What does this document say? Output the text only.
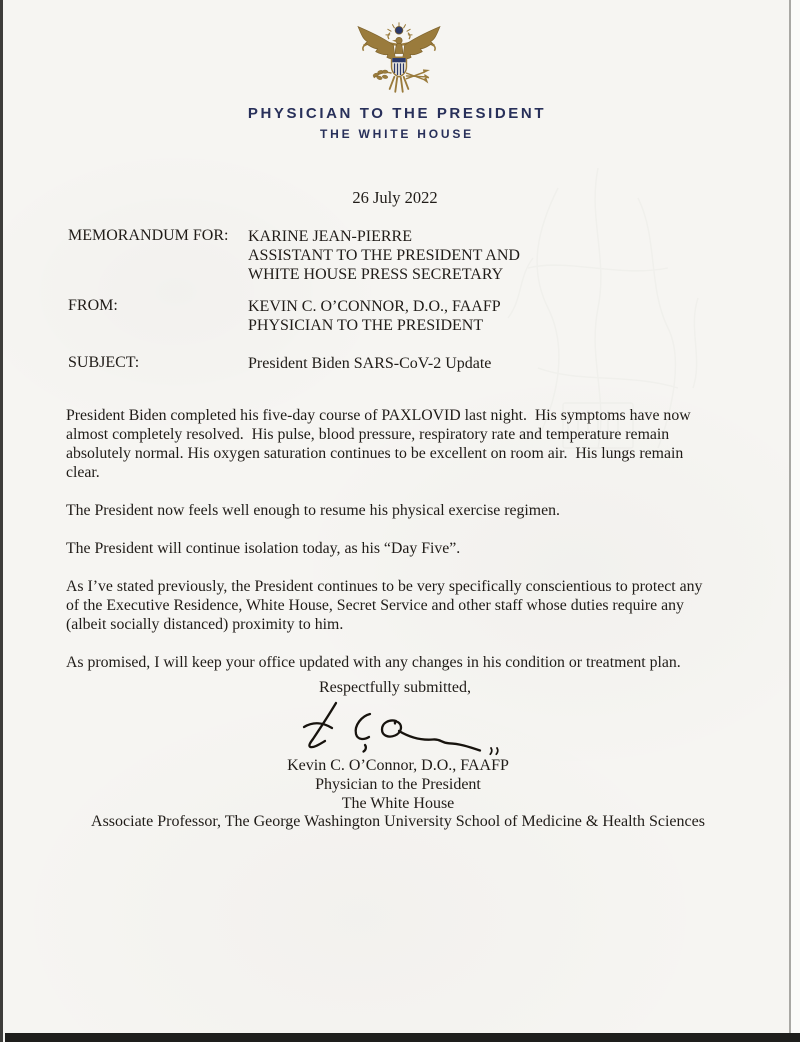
PHYSICIAN TO THE PRESIDENT
THE WHITE HOUSE
26 July 2022
MEMORANDUM FOR:	KARINE JEAN-PIERRE
ASSISTANT TO THE PRESIDENT AND
WHITE HOUSE PRESS SECRETARY
FROM:	KEVIN C. O’CONNOR, D.O., FAAFP
PHYSICIAN TO THE PRESIDENT
SUBJECT:	President Biden SARS-CoV-2 Update

President Biden completed his five-day course of PAXLOVID last night.  His symptoms have now
almost completely resolved.  His pulse, blood pressure, respiratory rate and temperature remain
absolutely normal. His oxygen saturation continues to be excellent on room air.  His lungs remain
clear.

The President now feels well enough to resume his physical exercise regimen.

The President will continue isolation today, as his “Day Five”.

As I’ve stated previously, the President continues to be very specifically conscientious to protect any
of the Executive Residence, White House, Secret Service and other staff whose duties require any
(albeit socially distanced) proximity to him.

As promised, I will keep your office updated with any changes in his condition or treatment plan.

Respectfully submitted,
Kevin C. O’Connor, D.O., FAAFP
Physician to the President
The White House
Associate Professor, The George Washington University School of Medicine & Health Sciences
